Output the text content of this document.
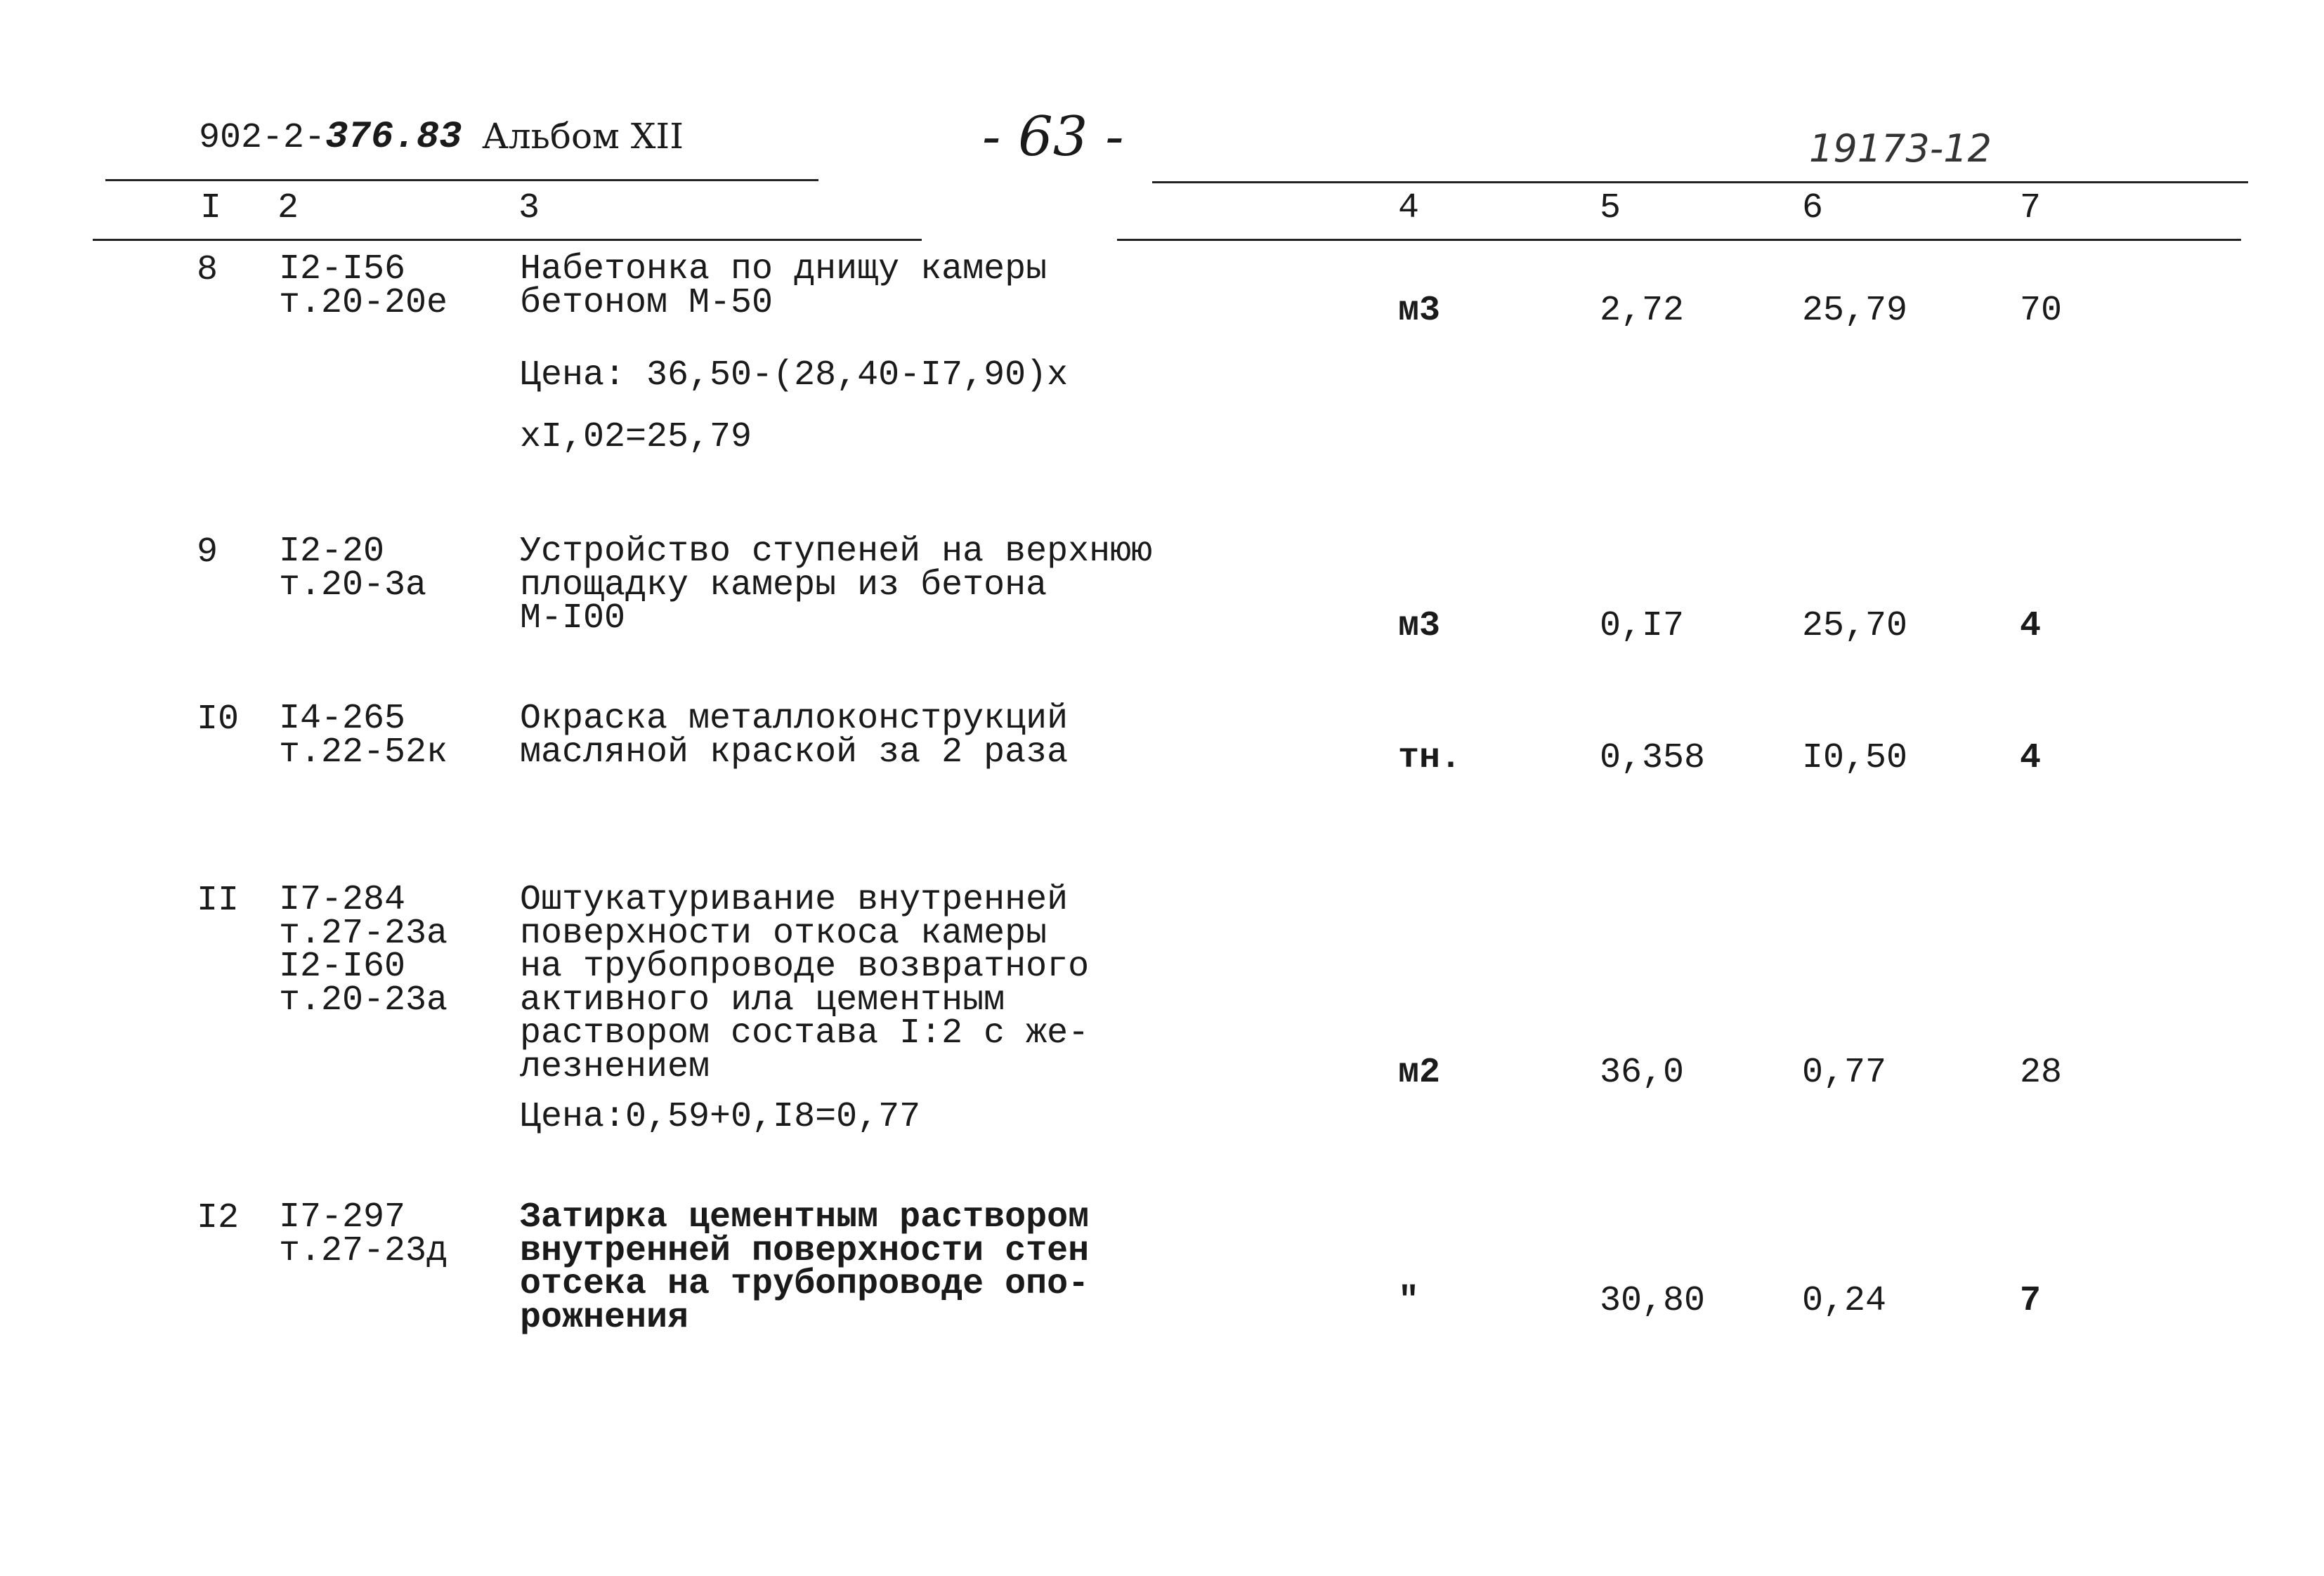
902-2-376.83 Альбом XII	- 63 -	19173-12
I 2	3	4	5	6	7
8 I2-I56
т.20-20е
Набетонка по днищу камеры
бетоном М-50
Цена: 36,50-(28,40-I7,90)х
хI,02=25,79
м3	2,72	25,79	70
9 I2-20
т.20-3а
Устройство ступеней на верхнюю
площадку камеры из бетона
М-I00	м3	0,I7	25,70	4
I0 I4-265
т.22-52к
Окраска металлоконструкций
масляной краской за 2 раза	тн.	0,358	I0,50	4
II I7-284
т.27-23а
I2-I60
т.20-23а
Оштукатуривание внутренней
поверхности откоса камеры
на трубопроводе возвратного
активного ила цементным
раствором состава I:2 с же-
лезнением
Цена:0,59+0,I8=0,77
м2	36,0	0,77	28
I2 I7-297
т.27-23д
Затирка цементным раствором
внутренней поверхности стен
отсека на трубопроводе опо-
рожнения	"	30,80	0,24	7
